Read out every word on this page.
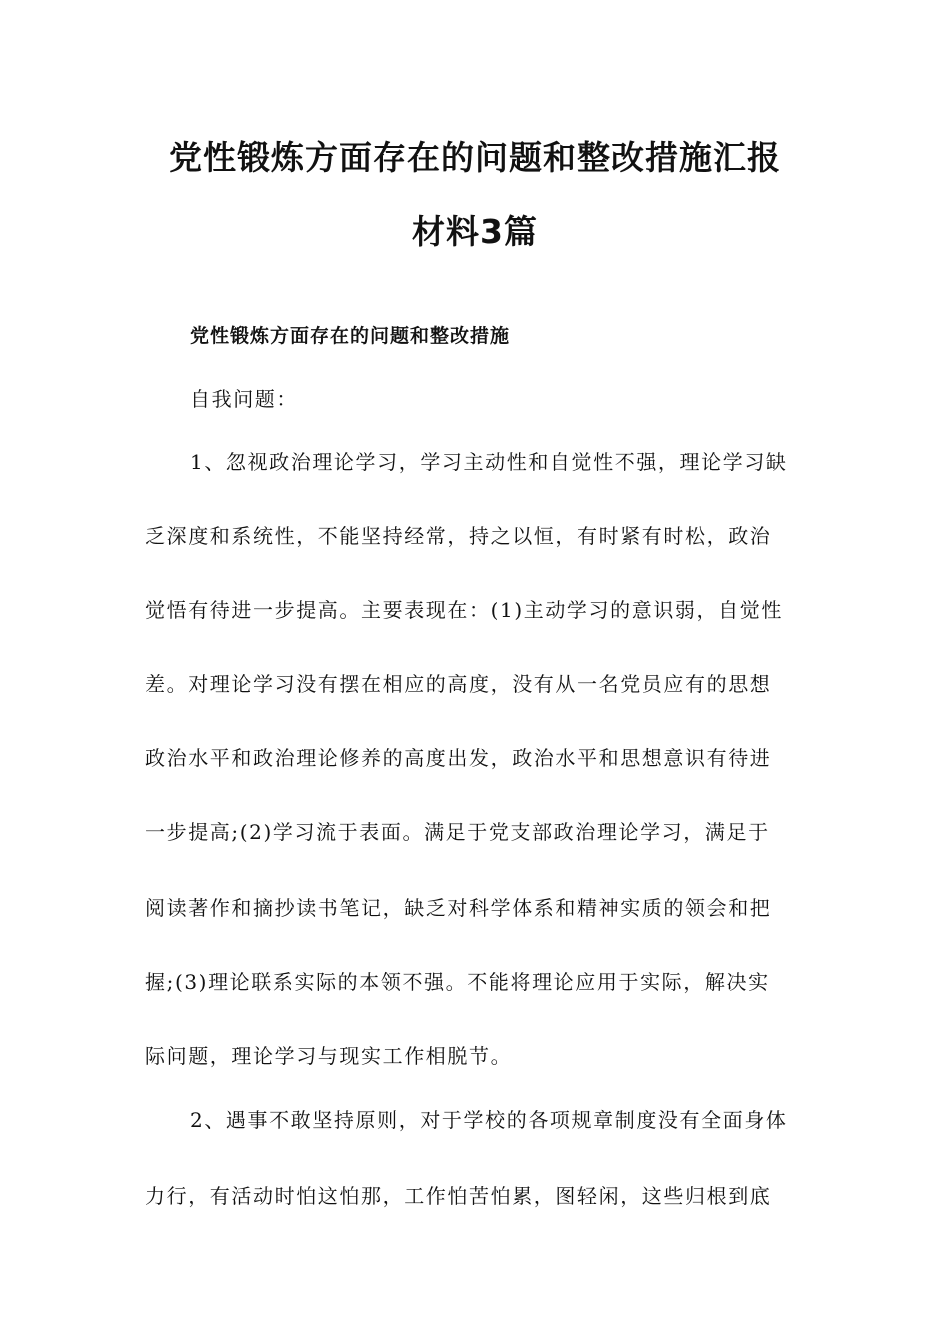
党性锻炼方面存在的问题和整改措施汇报
材料3篇

党性锻炼方面存在的问题和整改措施

自我问题：

1、忽视政治理论学习，学习主动性和自觉性不强，理论学习缺

乏深度和系统性，不能坚持经常，持之以恒，有时紧有时松，政治

觉悟有待进一步提高。主要表现在：(1)主动学习的意识弱，自觉性

差。对理论学习没有摆在相应的高度，没有从一名党员应有的思想

政治水平和政治理论修养的高度出发，政治水平和思想意识有待进

一步提高;(2)学习流于表面。满足于党支部政治理论学习，满足于

阅读著作和摘抄读书笔记，缺乏对科学体系和精神实质的领会和把

握;(3)理论联系实际的本领不强。不能将理论应用于实际，解决实

际问题，理论学习与现实工作相脱节。

2、遇事不敢坚持原则，对于学校的各项规章制度没有全面身体

力行，有活动时怕这怕那，工作怕苦怕累，图轻闲，这些归根到底
